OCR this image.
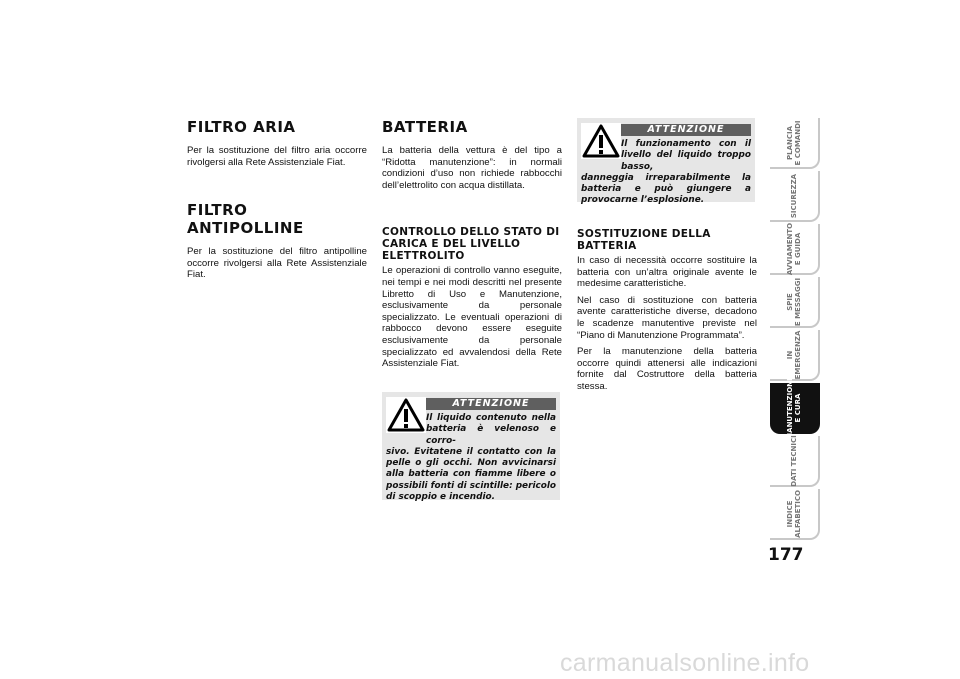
FILTRO ARIA

Per la sostituzione del filtro aria occorre rivolgersi alla Rete Assistenziale Fiat.

FILTRO ANTIPOLLINE

Per la sostituzione del filtro antipolline occorre rivolgersi alla Rete Assistenziale Fiat.

BATTERIA

La batteria della vettura è del tipo a “Ridotta manutenzione”: in normali condizioni d’uso non richiede rabbocchi dell’elettrolito con acqua distillata.

CONTROLLO DELLO STATO DI CARICA E DEL LIVELLO ELETTROLITO

Le operazioni di controllo vanno eseguite, nei tempi e nei modi descritti nel presente Libretto di Uso e Manutenzione, esclusivamente da personale specializzato. Le eventuali operazioni di rabbocco devono essere eseguite esclusivamente da personale specializzato ed avvalendosi della Rete Assistenziale Fiat.

ATTENZIONE
Il liquido contenuto nella batteria è velenoso e corro-
sivo. Evitatene il contatto con la pelle o gli occhi. Non avvicinarsi alla batteria con fiamme libere o possibili fonti di scintille: pericolo di scoppio e incendio.
ATTENZIONE
Il funzionamento con il livello del liquido troppo basso,
danneggia irreparabilmente la batteria e può giungere a provocarne l’esplosione.
SOSTITUZIONE DELLA BATTERIA

In caso di necessità occorre sostituire la batteria con un’altra originale avente le medesime caratteristiche.

Nel caso di sostituzione con batteria avente caratteristiche diverse, decadono le scadenze manutentive previste nel “Piano di Manutenzione Programmata”.

Per la manutenzione della batteria occorre quindi attenersi alle indicazioni fornite dal Costruttore della batteria stessa.

PLANCIA
E COMANDI
SICUREZZA
AVVIAMENTO
E GUIDA
SPIE
E MESSAGGI
IN
EMERGENZA
MANUTENZIONE
E CURA
DATI TECNICI
INDICE
ALFABETICO
177
carmanualsonline.info
